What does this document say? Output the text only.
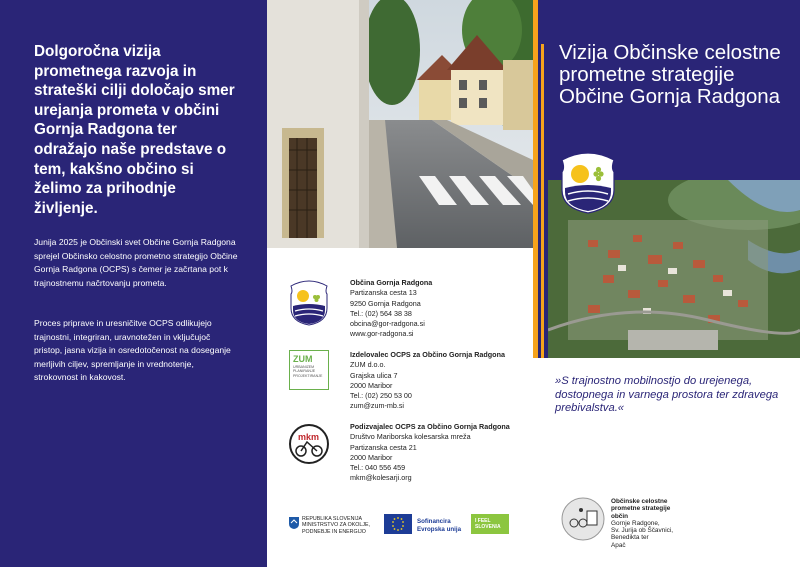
Dolgoročna vizija prometnega razvoja in strateški cilji določajo smer urejanja prometa v občini Gornja Radgona ter odražajo naše predstave o tem, kakšno občino si želimo za prihodnje življenje.

Junija 2025 je Občinski svet Občine Gornja Radgona sprejel Občinsko celostno prometno strategijo Občine Gornja Radgona (OCPS) s čemer je začrtana pot k trajnostnemu načrtovanju prometa.

Proces priprave in uresničitve OCPS odlikujejo trajnostni, integriran, uravnotežen in vključujoč pristop, jasna vizija in osredotočenost na doseganje merljivih ciljev, spremljanje in vrednotenje, strokovnost in kakovost.

Občina Gornja Radgona
Partizanska cesta 13
9250 Gornja Radgona
Tel.: (02) 564 38 38
obcina@gor-radgona.si
www.gor-radgona.si
ZUM
URBANIZEM PLANIRANJE PROJEKTIRANJE
Izdelovalec OCPS za Občino Gornja Radgona
ZUM d.o.o.
Grajska ulica 7
2000 Maribor
Tel.: (02) 250 53 00
zum@zum-mb.si
mkm
Podizvajalec OCPS za Občino Gornja Radgona
Društvo Mariborska kolesarska mreža
Partizanska cesta 21
2000 Maribor
Tel.: 040 556 459
mkm@kolesarji.org
REPUBLIKA SLOVENIJA
MINISTRSTVO ZA OKOLJE,
PODNEBJE IN ENERGIJO
Sofinancira
Evropska unija
I FEEL
SLOVENIA
Vizija Občinske celostne prometne strategije Občine Gornja Radgona

»S trajnostno mobilnostjo do urejenega, dostopnega in varnega prostora ter zdravega prebivalstva.«

Občinske celostne
prometne strategije
občin
Gornje Radgone,
Sv. Jurija ob Ščavnici,
Benedikta ter
Apač
